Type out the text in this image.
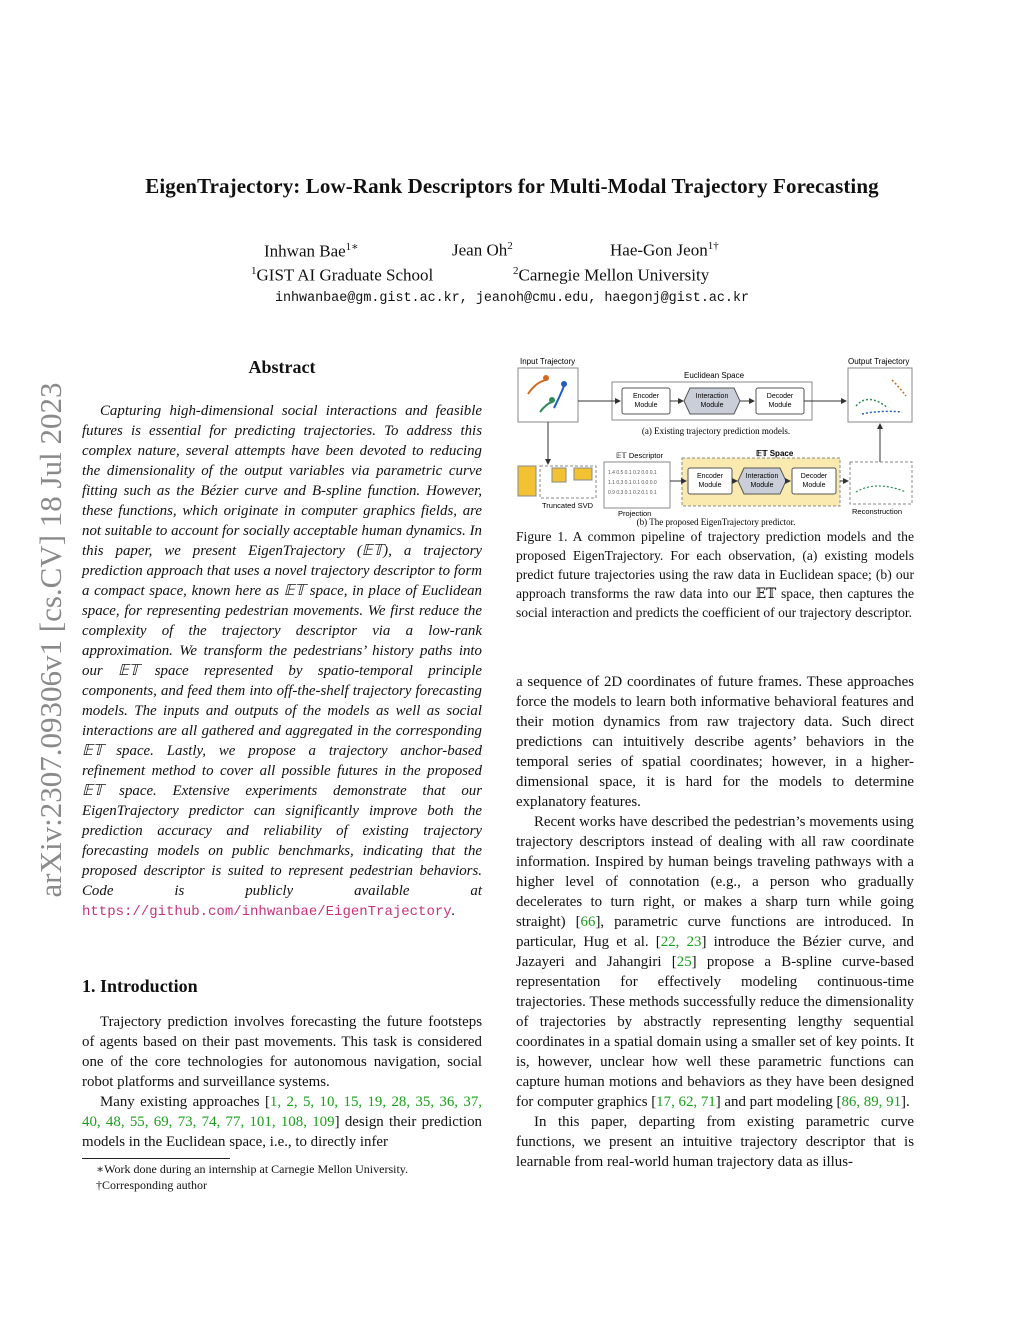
EigenTrajectory: Low-Rank Descriptors for Multi-Modal Trajectory Forecasting
Inhwan Bae$^{1∗}$	Jean Oh$^2$	Hae-Gon Jeon$^{1\dagger}$
$^1$GIST AI Graduate School	$^2$Carnegie Mellon University
inhwanbae@gm.gist.ac.kr, jeanoh@cmu.edu, haegonj@gist.ac.kr
arXiv:2307.09306v1 [cs.CV] 18 Jul 2023
Abstract
Capturing high-dimensional social interactions and feasible futures is essential for predicting trajectories. To address this complex nature, several attempts have been devoted to reducing the dimensionality of the output variables via parametric curve fitting such as the Bézier curve and B-spline function. However, these functions, which originate in computer graphics fields, are not suitable to account for socially acceptable human dynamics. In this paper, we present EigenTrajectory (𝔼𝕋), a trajectory prediction approach that uses a novel trajectory descriptor to form a compact space, known here as 𝔼𝕋 space, in place of Euclidean space, for representing pedestrian movements. We first reduce the complexity of the trajectory descriptor via a low-rank approximation. We transform the pedestrians’ history paths into our 𝔼𝕋 space represented by spatio-temporal principle components, and feed them into off-the-shelf trajectory forecasting models. The inputs and outputs of the models as well as social interactions are all gathered and aggregated in the corresponding 𝔼𝕋 space. Lastly, we propose a trajectory anchor-based refinement method to cover all possible futures in the proposed 𝔼𝕋 space. Extensive experiments demonstrate that our EigenTrajectory predictor can significantly improve both the prediction accuracy and reliability of existing trajectory forecasting models on public benchmarks, indicating that the proposed descriptor is suited to represent pedestrian behaviors. Code is publicly available at https://github.com/inhwanbae/EigenTrajectory.
1. Introduction

Trajectory prediction involves forecasting the future footsteps of agents based on their past movements. This task is considered one of the core technologies for autonomous navigation, social robot platforms and surveillance systems.

Many existing approaches [1, 2, 5, 10, 15, 19, 28, 35, 36, 37, 40, 48, 55, 69, 73, 74, 77, 101, 108, 109] design their prediction models in the Euclidean space, i.e., to directly infer

∗Work done during an internship at Carnegie Mellon University.
†Corresponding author
Input Trajectory
Euclidean Space
Encoder
Module
Interaction
Module
Decoder
Module
Output Trajectory
(a) Existing trajectory prediction models.
Truncated SVD
𝔼𝕋 Descriptor
1.4 0.5 0.1 0.2 0.0 0.1
1.1 0.3 0.1 0.1 0.0 0.0
0.9 0.3 0.1 0.2 0.1 0.1
Projection
𝔼𝕋 Space
Encoder
Module
Interaction
Module
Decoder
Module
Reconstruction
(b) The proposed EigenTrajectory predictor.
Figure 1. A common pipeline of trajectory prediction models and the proposed EigenTrajectory. For each observation, (a) existing models predict future trajectories using the raw data in Euclidean space; (b) our approach transforms the raw data into our 𝔼𝕋 space, then captures the social interaction and predicts the coefficient of our trajectory descriptor.

a sequence of 2D coordinates of future frames. These approaches force the models to learn both informative behavioral features and their motion dynamics from raw trajectory data. Such direct predictions can intuitively describe agents’ behaviors in the temporal series of spatial coordinates; however, in a higher-dimensional space, it is hard for the models to determine explanatory features.

Recent works have described the pedestrian’s movements using trajectory descriptors instead of dealing with all raw coordinate information. Inspired by human beings traveling pathways with a higher level of connotation (e.g., a person who gradually decelerates to turn right, or makes a sharp turn while going straight) [66], parametric curve functions are introduced. In particular, Hug et al. [22, 23] introduce the Bézier curve, and Jazayeri and Jahangiri [25] propose a B-spline curve-based representation for effectively modeling continuous-time trajectories. These methods successfully reduce the dimensionality of trajectories by abstractly representing lengthy sequential coordinates in a spatial domain using a smaller set of key points. It is, however, unclear how well these parametric functions can capture human motions and behaviors as they have been designed for computer graphics [17, 62, 71] and part modeling [86, 89, 91].

In this paper, departing from existing parametric curve functions, we present an intuitive trajectory descriptor that is learnable from real-world human trajectory data as illus-
